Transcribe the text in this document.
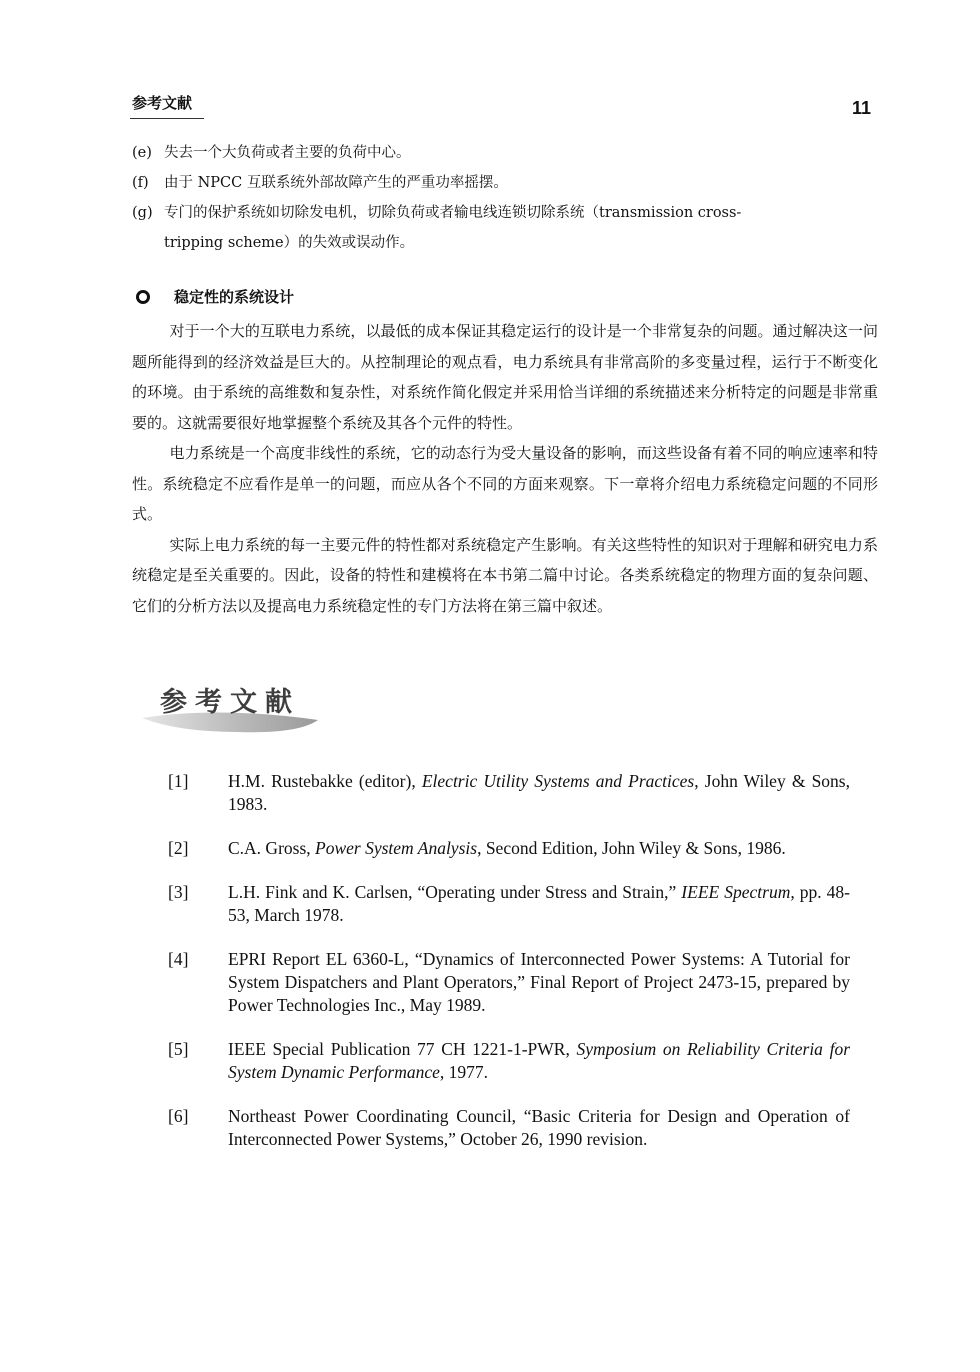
参考文献	11
(e) 失去一个大负荷或者主要的负荷中心。
(f)	由于 NPCC 互联系统外部故障产生的严重功率摇摆。
(g) 专门的保护系统如切除发电机，切除负荷或者输电线连锁切除系统（transmission cross-
tripping scheme）的失效或误动作。
稳定性的系统设计

对于一个大的互联电力系统，以最低的成本保证其稳定运行的设计是一个非常复杂的问题。通过解决这一问题所能得到的经济效益是巨大的。从控制理论的观点看，电力系统具有非常高阶的多变量过程，运行于不断变化的环境。由于系统的高维数和复杂性，对系统作简化假定并采用恰当详细的系统描述来分析特定的问题是非常重要的。这就需要很好地掌握整个系统及其各个元件的特性。

电力系统是一个高度非线性的系统，它的动态行为受大量设备的影响，而这些设备有着不同的响应速率和特性。系统稳定不应看作是单一的问题，而应从各个不同的方面来观察。下一章将介绍电力系统稳定问题的不同形式。

实际上电力系统的每一主要元件的特性都对系统稳定产生影响。有关这些特性的知识对于理解和研究电力系统稳定是至关重要的。因此，设备的特性和建模将在本书第二篇中讨论。各类系统稳定的物理方面的复杂问题、它们的分析方法以及提高电力系统稳定性的专门方法将在第三篇中叙述。

参考文献
[1]	H.M. Rustebakke (editor), Electric Utility Systems and Practices, John Wiley & Sons, 1983.
[2]	C.A. Gross, Power System Analysis, Second Edition, John Wiley & Sons, 1986.
[3]	L.H. Fink and K. Carlsen, “Operating under Stress and Strain,” IEEE Spectrum, pp. 48-53, March 1978.
[4]	EPRI Report EL 6360-L, “Dynamics of Interconnected Power Systems: A Tutorial for System Dispatchers and Plant Operators,” Final Report of Project 2473-15, prepared by Power Technologies Inc., May 1989.
[5]	IEEE Special Publication 77 CH 1221-1-PWR, Symposium on Reliability Criteria for System Dynamic Performance, 1977.
[6]	Northeast Power Coordinating Council, “Basic Criteria for Design and Operation of Interconnected Power Systems,” October 26, 1990 revision.
